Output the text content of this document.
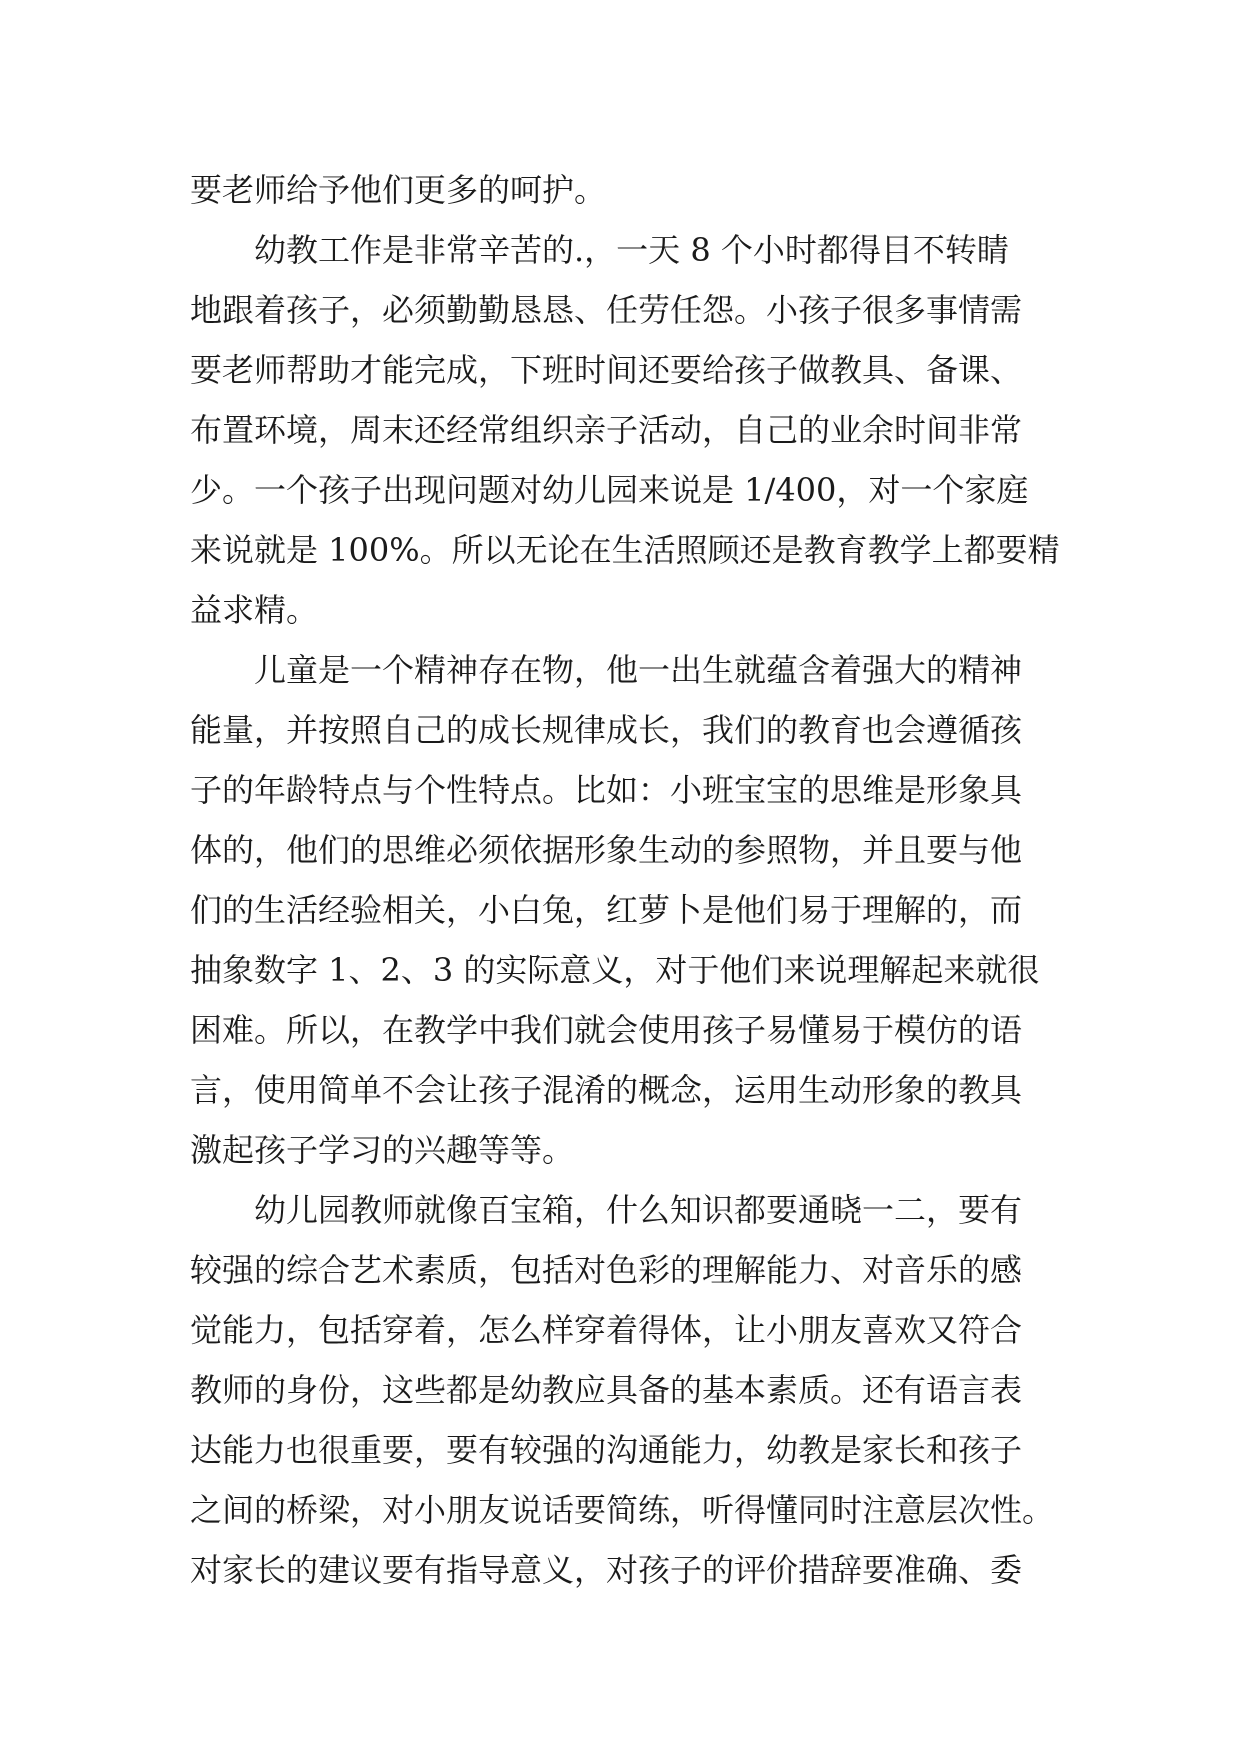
要老师给予他们更多的呵护。
幼教工作是非常辛苦的.，一天 8 个小时都得目不转睛
地跟着孩子，必须勤勤恳恳、任劳任怨。小孩子很多事情需
要老师帮助才能完成，下班时间还要给孩子做教具、备课、
布置环境，周末还经常组织亲子活动，自己的业余时间非常
少。一个孩子出现问题对幼儿园来说是 1/400，对一个家庭
来说就是 100%。所以无论在生活照顾还是教育教学上都要精
益求精。
儿童是一个精神存在物，他一出生就蕴含着强大的精神
能量，并按照自己的成长规律成长，我们的教育也会遵循孩
子的年龄特点与个性特点。比如：小班宝宝的思维是形象具
体的，他们的思维必须依据形象生动的参照物，并且要与他
们的生活经验相关，小白兔，红萝卜是他们易于理解的，而
抽象数字 1、2、3 的实际意义，对于他们来说理解起来就很
困难。所以，在教学中我们就会使用孩子易懂易于模仿的语
言，使用简单不会让孩子混淆的概念，运用生动形象的教具
激起孩子学习的兴趣等等。
幼儿园教师就像百宝箱，什么知识都要通晓一二，要有
较强的综合艺术素质，包括对色彩的理解能力、对音乐的感
觉能力，包括穿着，怎么样穿着得体，让小朋友喜欢又符合
教师的身份，这些都是幼教应具备的基本素质。还有语言表
达能力也很重要，要有较强的沟通能力，幼教是家长和孩子
之间的桥梁，对小朋友说话要简练，听得懂同时注意层次性。
对家长的建议要有指导意义，对孩子的评价措辞要准确、委
